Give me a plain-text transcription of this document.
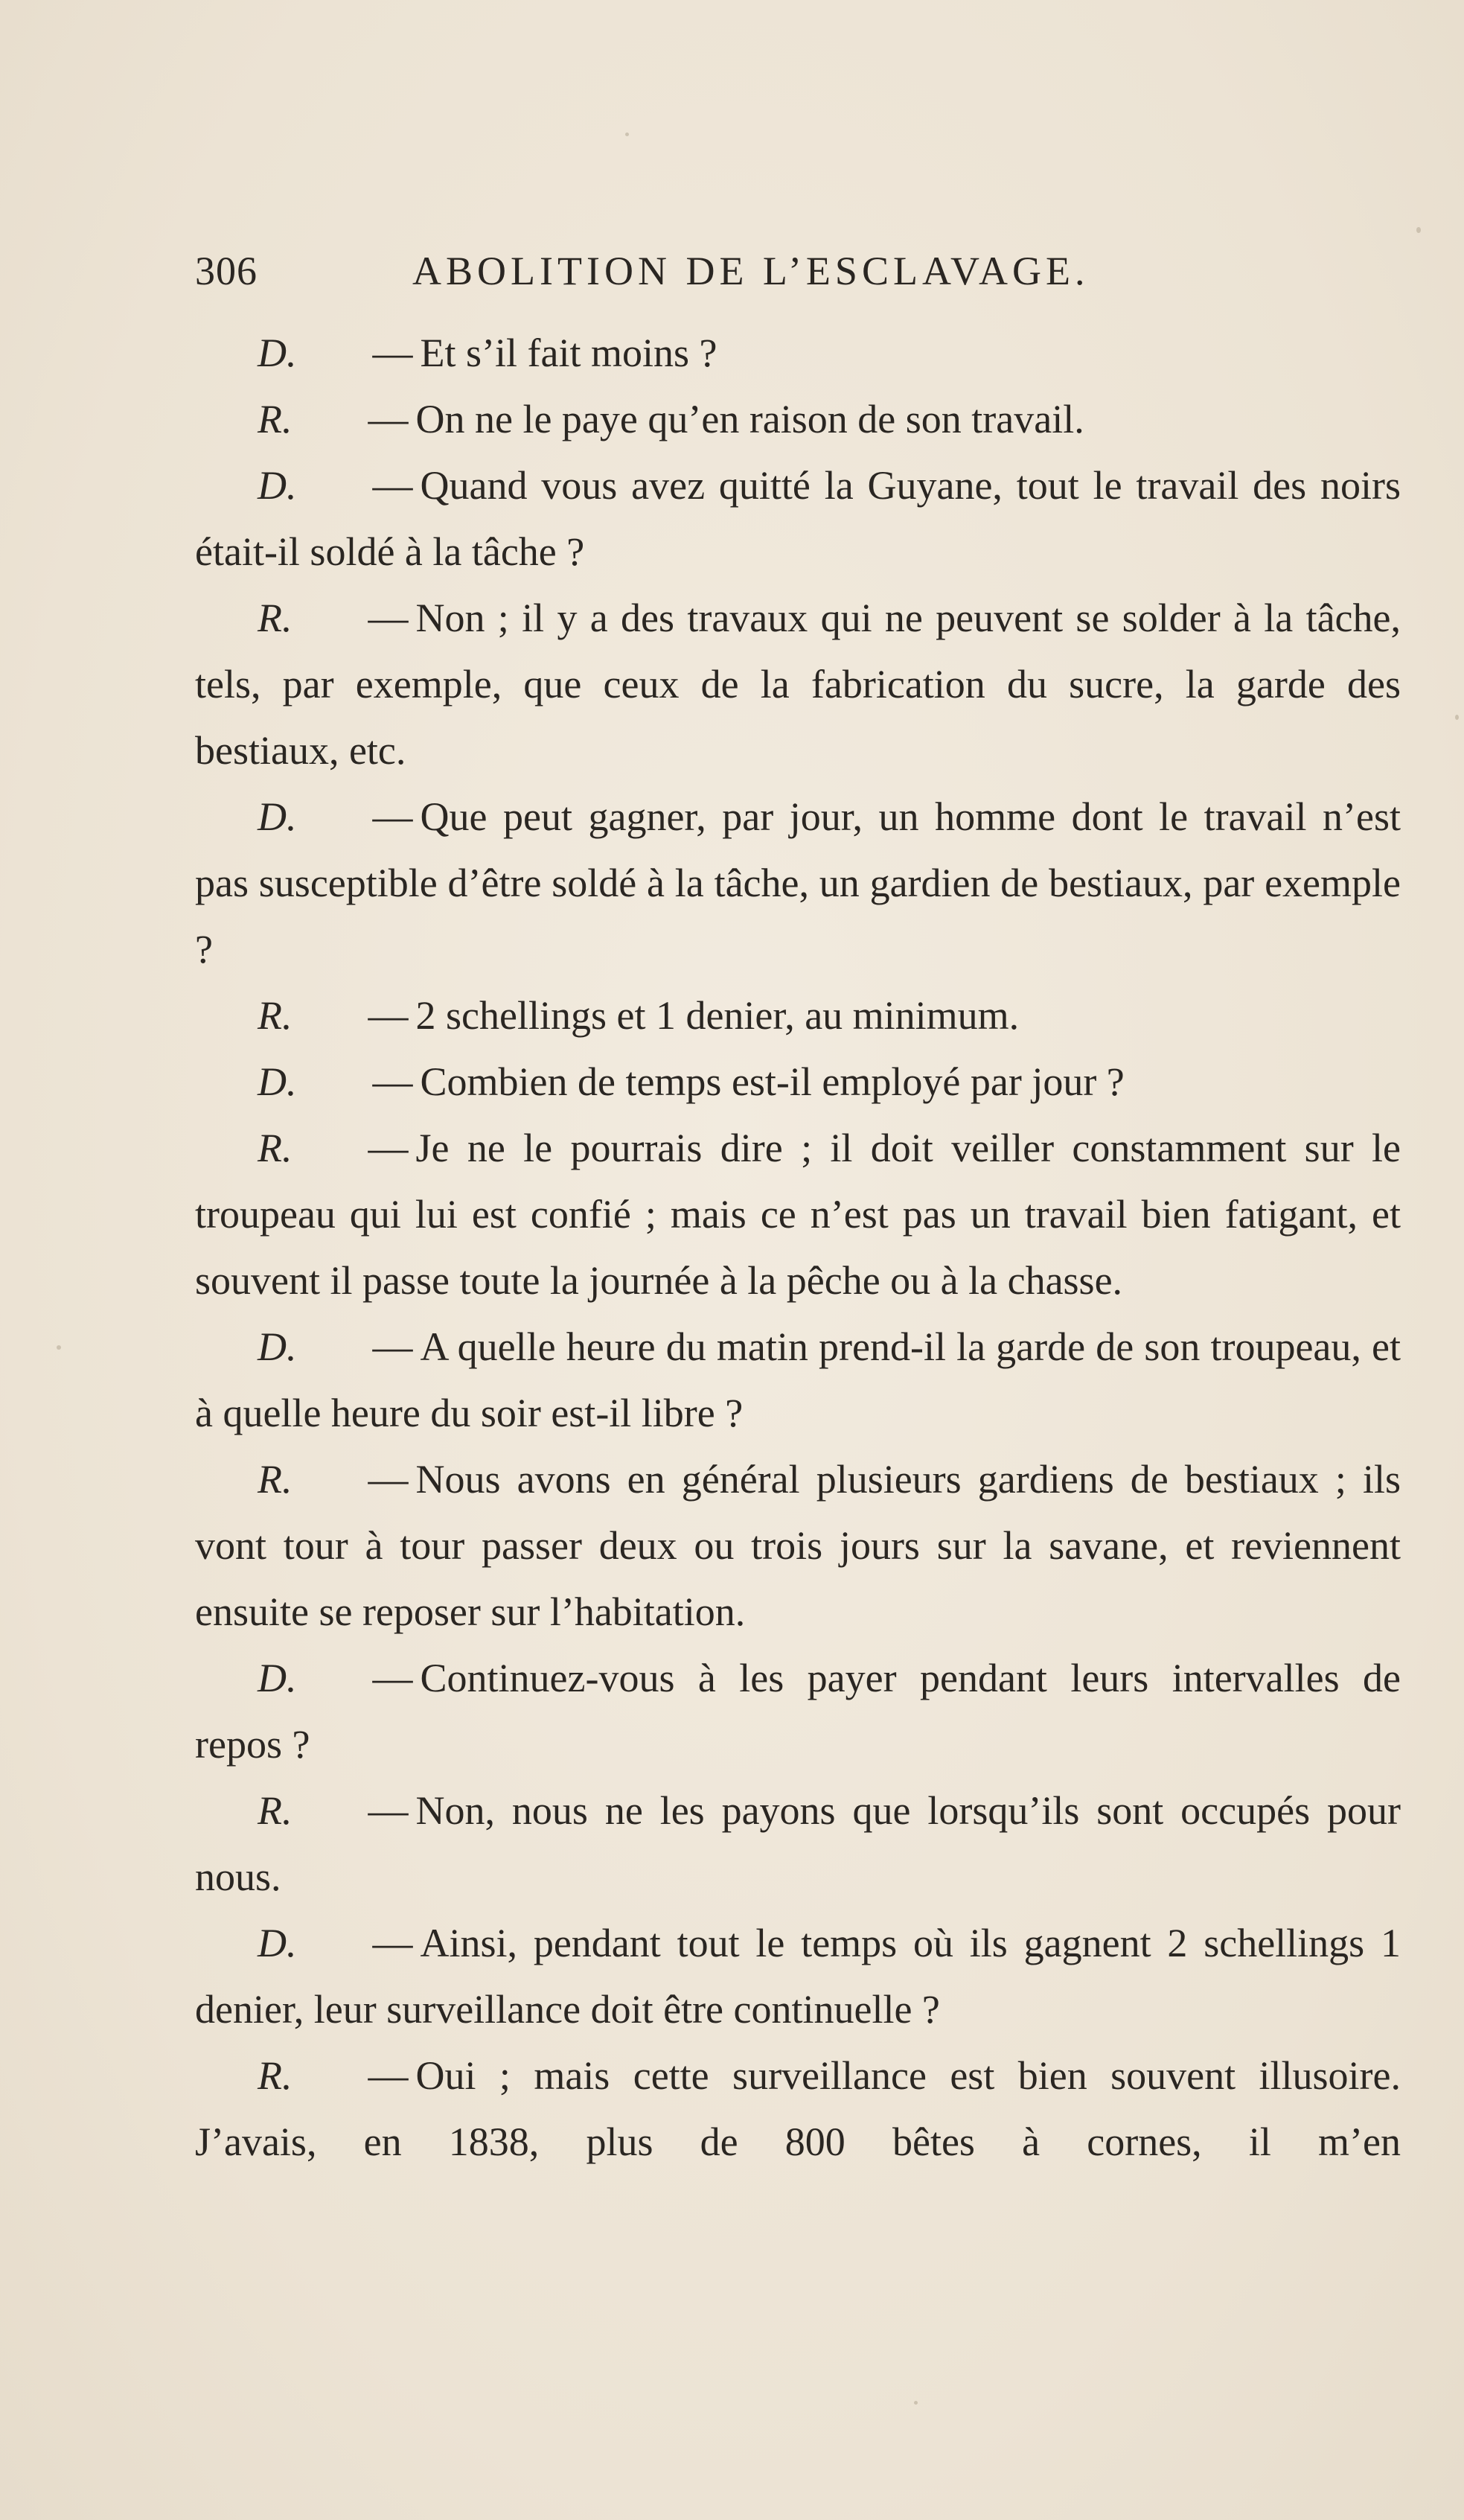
306	ABOLITION DE L’ESCLAVAGE.

D. — Et s’il fait moins ?

R. — On ne le paye qu’en raison de son travail.

D. — Quand vous avez quitté la Guyane, tout le travail des noirs était-il soldé à la tâche ?

R. — Non ; il y a des travaux qui ne peuvent se solder à la tâche, tels, par exemple, que ceux de la fabrication du sucre, la garde des bestiaux, etc.

D. — Que peut gagner, par jour, un homme dont le travail n’est pas susceptible d’être soldé à la tâche, un gardien de bestiaux, par exemple ?

R. — 2 schellings et 1 denier, au minimum.

D. — Combien de temps est-il employé par jour ?

R. — Je ne le pourrais dire ; il doit veiller constamment sur le troupeau qui lui est confié ; mais ce n’est pas un travail bien fatigant, et souvent il passe toute la journée à la pêche ou à la chasse.

D. — A quelle heure du matin prend-il la garde de son troupeau, et à quelle heure du soir est-il libre ?

R. — Nous avons en général plusieurs gardiens de bestiaux ; ils vont tour à tour passer deux ou trois jours sur la savane, et reviennent ensuite se reposer sur l’habitation.

D. — Continuez-vous à les payer pendant leurs intervalles de repos ?

R. — Non, nous ne les payons que lorsqu’ils sont occupés pour nous.

D. — Ainsi, pendant tout le temps où ils gagnent 2 schellings 1 denier, leur surveillance doit être continuelle ?

R. — Oui ; mais cette surveillance est bien souvent illusoire. J’avais, en 1838, plus de 800 bêtes à cornes, il m’en
